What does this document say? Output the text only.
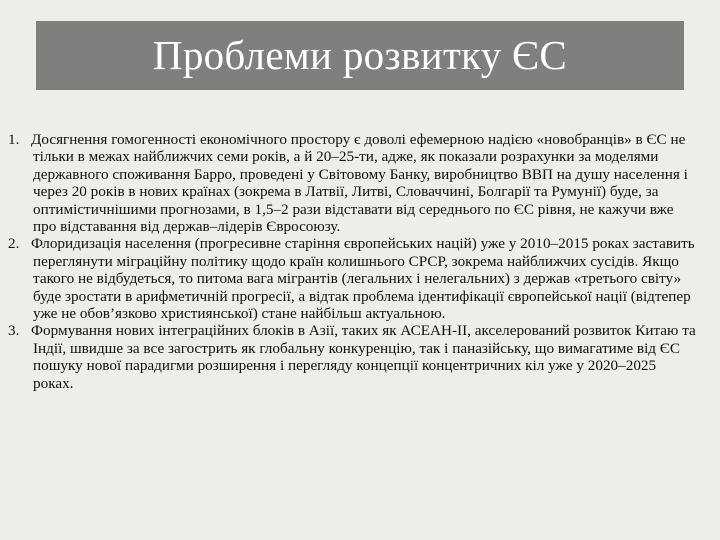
Проблеми розвитку ЄС
1. Досягнення гомогенності економічного простору є доволі ефемерною надією «новобранців» в ЄС не тільки в межах найближчих семи років, а й 20–25-ти, адже, як показали розрахунки за моделями державного споживання Барро, проведені у Світовому Банку, виробництво ВВП на душу населення і через 20 років в нових країнах (зокрема в Латвії, Литві, Словаччині, Болгарії та Румунії) буде, за оптимістичнішими прогнозами, в 1,5–2 рази відставати від середнього по ЄС рівня, не кажучи вже про відставання від держав–лідерів Євросоюзу.
2. Флоридизація населення (прогресивне старіння європейських націй) уже у 2010–2015 роках заставить переглянути міграційну політику щодо країн колишнього СРСР, зокрема найближчих сусідів. Якщо такого не відбудеться, то питома вага мігрантів (легальних і нелегальних) з держав «третього світу» буде зростати в арифметичній прогресії, а відтак проблема ідентифікації європейської нації (відтепер уже не обов’язково християнської) стане найбільш актуальною.
3. Формування нових інтеграційних блоків в Азії, таких як АСЕАН-ІІ, акселерований розвиток Китаю та Індії, швидше за все загострить як глобальну конкуренцію, так і паназійську, що вимагатиме від ЄС пошуку нової парадигми розширення і перегляду концепції концентричних кіл уже у 2020–2025 роках.
